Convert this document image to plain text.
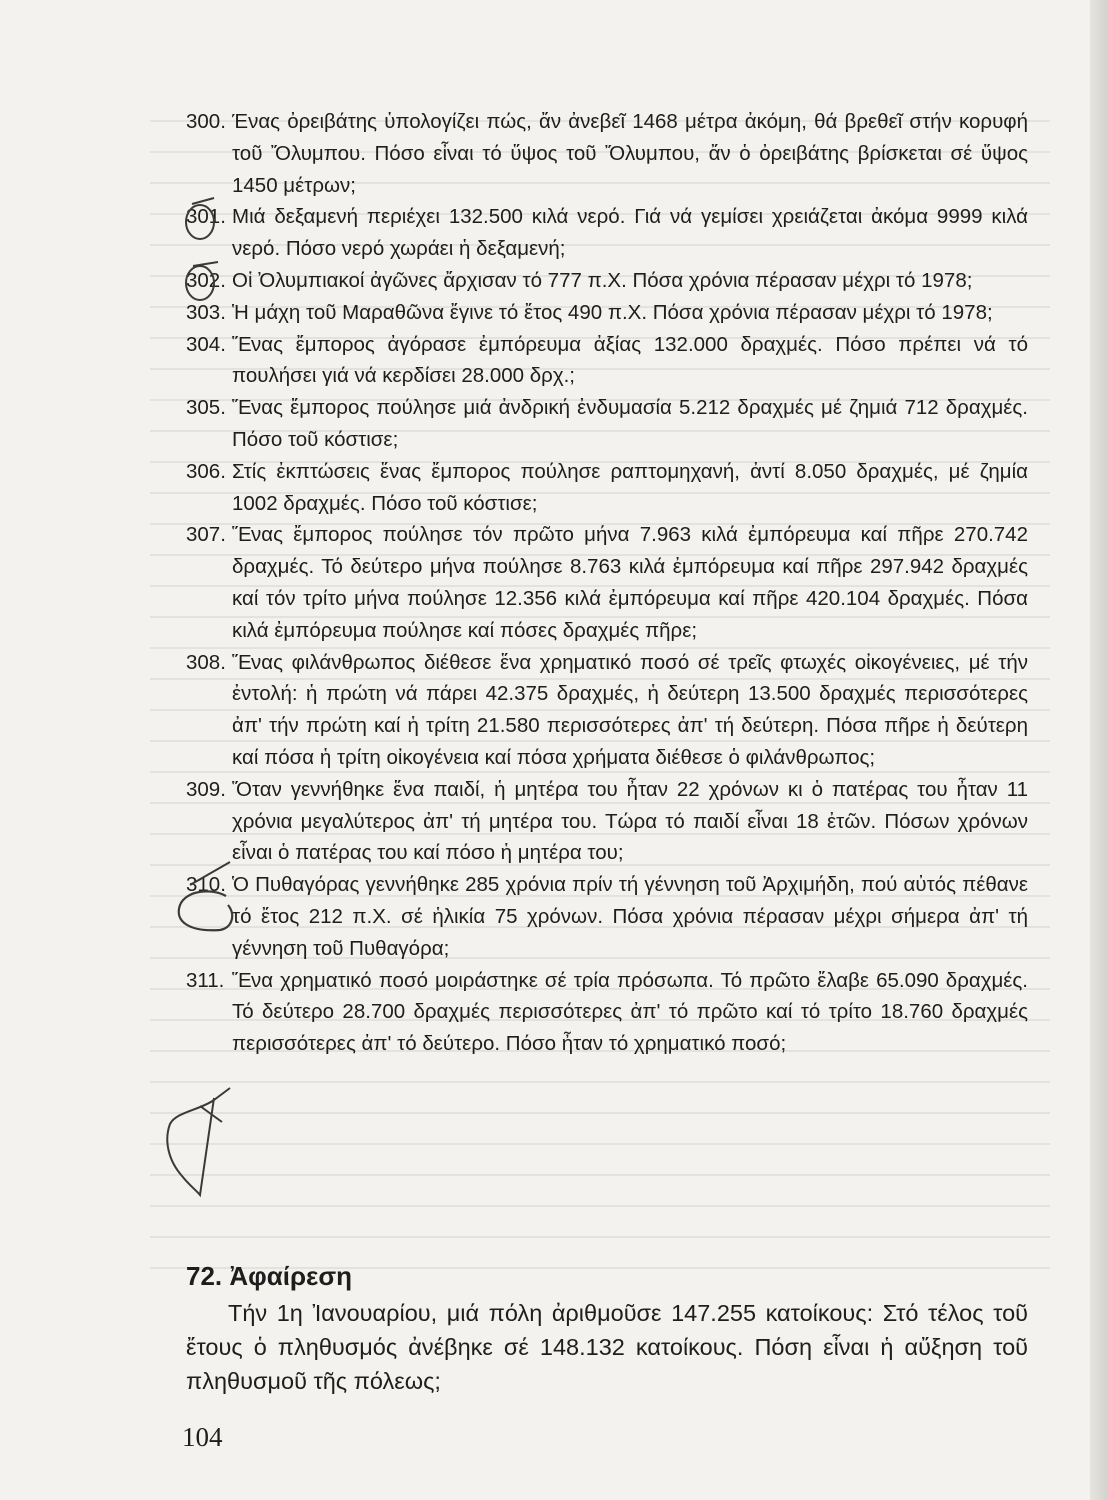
300. Ένας ὀρειβάτης ὑπολογίζει πώς, ἄν ἀνεβεῖ 1468 μέτρα ἀκόμη, θά βρεθεῖ στήν κορυφή τοῦ Ὄλυμπου. Πόσο εἶναι τό ὕψος τοῦ Ὄλυμπου, ἄν ὁ ὀρειβάτης βρίσκεται σέ ὕψος 1450 μέτρων;
301. Μιά δεξαμενή περιέχει 132.500 κιλά νερό. Γιά νά γεμίσει χρειάζεται ἀκόμα 9999 κιλά νερό. Πόσο νερό χωράει ἡ δεξαμενή;
302. Οἱ Ὀλυμπιακοί ἀγῶνες ἄρχισαν τό 777 π.Χ. Πόσα χρόνια πέρασαν μέχρι τό 1978;
303. Ἡ μάχη τοῦ Μαραθῶνα ἔγινε τό ἔτος 490 π.Χ. Πόσα χρόνια πέρασαν μέχρι τό 1978;
304. Ἕνας ἔμπορος ἀγόρασε ἐμπόρευμα ἀξίας 132.000 δραχμές. Πόσο πρέπει νά τό πουλήσει γιά νά κερδίσει 28.000 δρχ.;
305. Ἕνας ἔμπορος πούλησε μιά ἀνδρική ἐνδυμασία 5.212 δραχμές μέ ζημιά 712 δραχμές. Πόσο τοῦ κόστισε;
306. Στίς ἐκπτώσεις ἕνας ἔμπορος πούλησε ραπτομηχανή, ἀντί 8.050 δραχμές, μέ ζημία 1002 δραχμές. Πόσο τοῦ κόστισε;
307. Ἕνας ἔμπορος πούλησε τόν πρῶτο μήνα 7.963 κιλά ἐμπόρευμα καί πῆρε 270.742 δραχμές. Τό δεύτερο μήνα πούλησε 8.763 κιλά ἐμπόρευμα καί πῆρε 297.942 δραχμές καί τόν τρίτο μήνα πούλησε 12.356 κιλά ἐμπόρευμα καί πῆρε 420.104 δραχμές. Πόσα κιλά ἐμπόρευμα πούλησε καί πόσες δραχμές πῆρε;
308. Ἕνας φιλάνθρωπος διέθεσε ἕνα χρηματικό ποσό σέ τρεῖς φτωχές οἰκογένειες, μέ τήν ἐντολή: ἡ πρώτη νά πάρει 42.375 δραχμές, ἡ δεύτερη 13.500 δραχμές περισσότερες ἀπ' τήν πρώτη καί ἡ τρίτη 21.580 περισσότερες ἀπ' τή δεύτερη. Πόσα πῆρε ἡ δεύτερη καί πόσα ἡ τρίτη οἰκογένεια καί πόσα χρήματα διέθεσε ὁ φιλάνθρωπος;
309. Ὅταν γεννήθηκε ἕνα παιδί, ἡ μητέρα του ἦταν 22 χρόνων κι ὁ πατέρας του ἦταν 11 χρόνια μεγαλύτερος ἀπ' τή μητέρα του. Τώρα τό παιδί εἶναι 18 ἐτῶν. Πόσων χρόνων εἶναι ὁ πατέρας του καί πόσο ἡ μητέρα του;
310. Ὁ Πυθαγόρας γεννήθηκε 285 χρόνια πρίν τή γέννηση τοῦ Ἀρχιμήδη, πού αὐτός πέθανε τό ἔτος 212 π.Χ. σέ ἡλικία 75 χρόνων. Πόσα χρόνια πέρασαν μέχρι σήμερα ἀπ' τή γέννηση τοῦ Πυθαγόρα;
311. Ἕνα χρηματικό ποσό μοιράστηκε σέ τρία πρόσωπα. Τό πρῶτο ἔλαβε 65.090 δραχμές. Τό δεύτερο 28.700 δραχμές περισσότερες ἀπ' τό πρῶτο καί τό τρίτο 18.760 δραχμές περισσότερες ἀπ' τό δεύτερο. Πόσο ἦταν τό χρηματικό ποσό;
72. Ἀφαίρεση

Τήν 1η Ἰανουαρίου, μιά πόλη ἀριθμοῦσε 147.255 κατοίκους: Στό τέλος τοῦ ἔτους ὁ πληθυσμός ἀνέβηκε σέ 148.132 κατοίκους. Πόση εἶναι ἡ αὔξηση τοῦ πληθυσμοῦ τῆς πόλεως;

104
